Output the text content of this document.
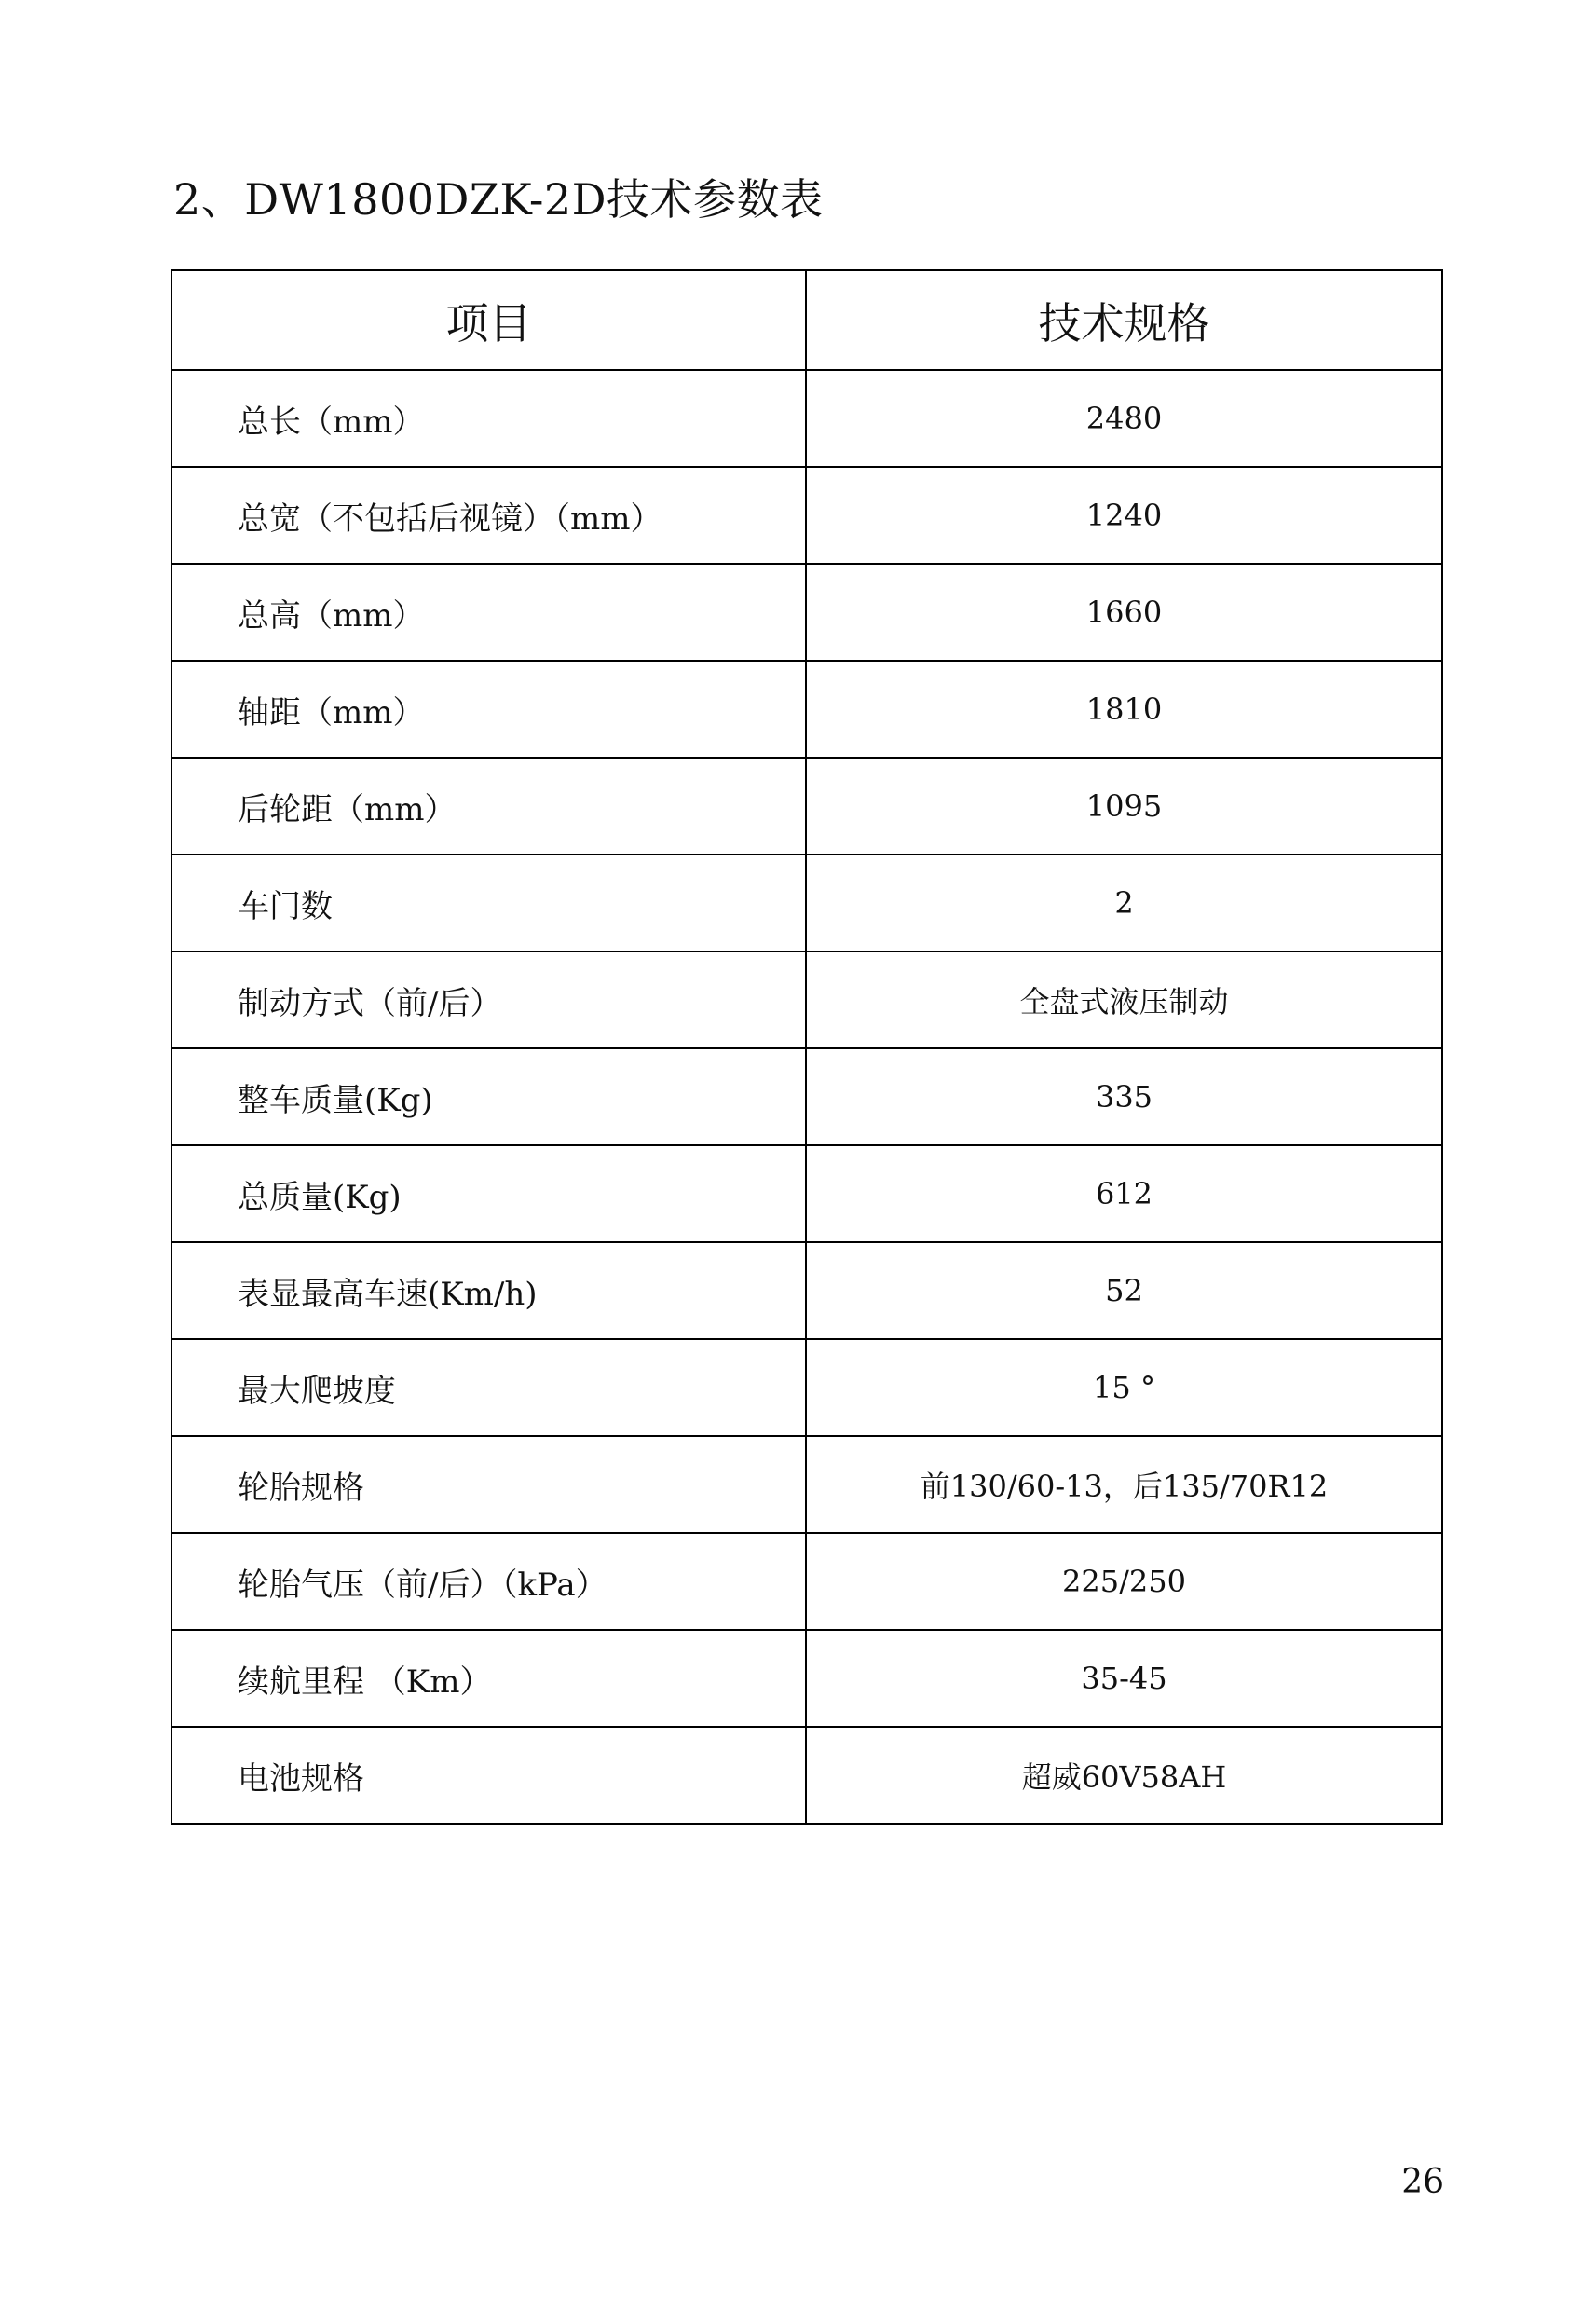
2、DW1800DZK-2D技术参数表
项目	技术规格
总长（mm）	2480
总宽（不包括后视镜）（mm）	1240
总高（mm）	1660
轴距（mm）	1810
后轮距（mm）	1095
车门数	2
制动方式（前/后）	全盘式液压制动
整车质量(Kg)	335
总质量(Kg)	612
表显最高车速(Km/h)	52
最大爬坡度	15 °
轮胎规格	前130/60-13，后135/70R12
轮胎气压（前/后）（kPa）	225/250
续航里程 （Km）	35-45
电池规格	超威60V58AH
26
